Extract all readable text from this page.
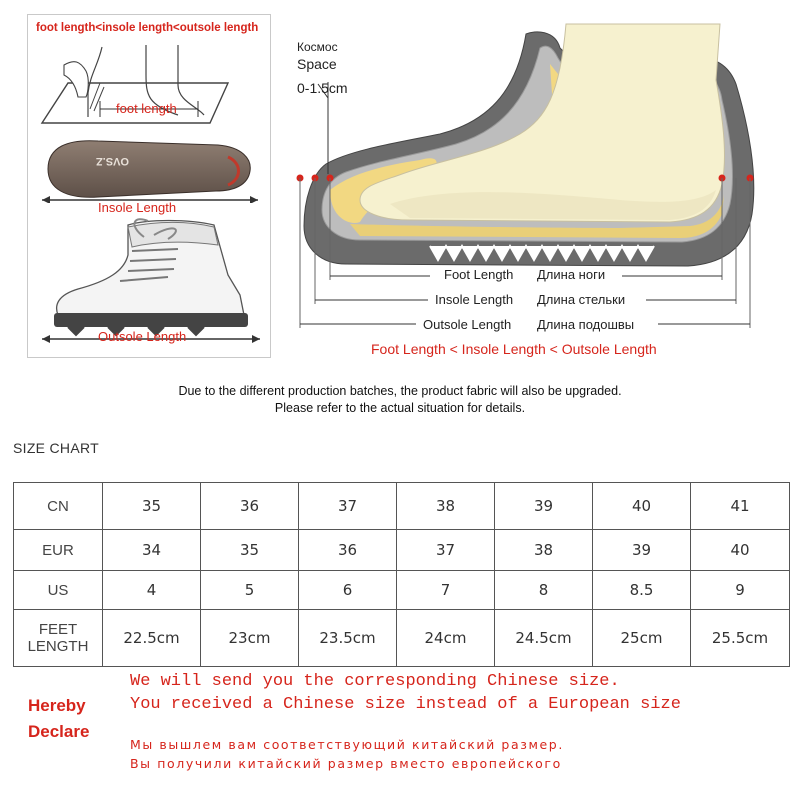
foot length<insole length<outsole length
foot length
OVS.Z
Insole Length
Outsole Length
Космос
Space
0-1.5cm
Foot Length Длина ноги
Insole Length Длина стельки
Outsole Length Длина подошвы
Foot Length < Insole Length < Outsole Length
Due to the different production batches, the product fabric will also be upgraded.
Please refer to the actual situation for details.
SIZE CHART
CN	35	36	37	38	39	40	41
EUR	34	35	36	37	38	39	40
US	4	5	6	7	8	8.5	9

FEET
LENGTH	22.5cm	23cm	23.5cm	24cm	24.5cm	25cm	25.5cm
Hereby
Declare
We will send you the corresponding Chinese size.
You received a Chinese size instead of a European size
Мы вышлем вам соответствующий китайский размер.
Вы получили китайский размер вместо европейского
